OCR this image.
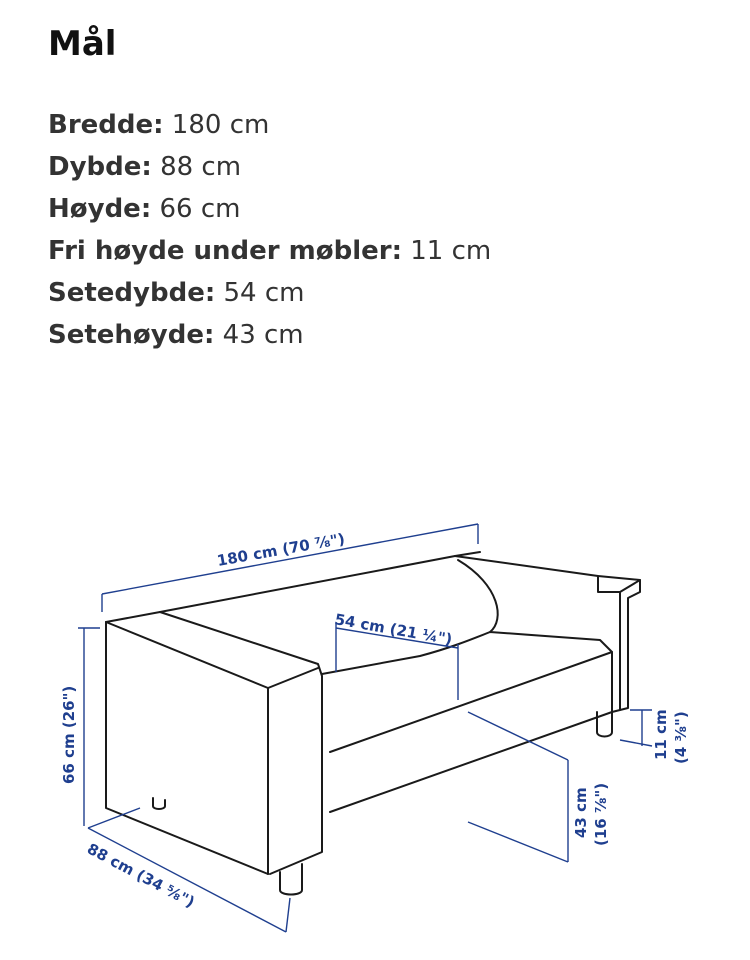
Mål
Bredde: 180 cm
Dybde: 88 cm
Høyde: 66 cm
Fri høyde under møbler: 11 cm
Setedybde: 54 cm
Setehøyde: 43 cm
180 cm (70 ⅞")
54 cm (21 ¼")
66 cm (26")
88 cm (34 ⅝")
43 cm (16 ⅞")
11 cm (4 ⅜")
